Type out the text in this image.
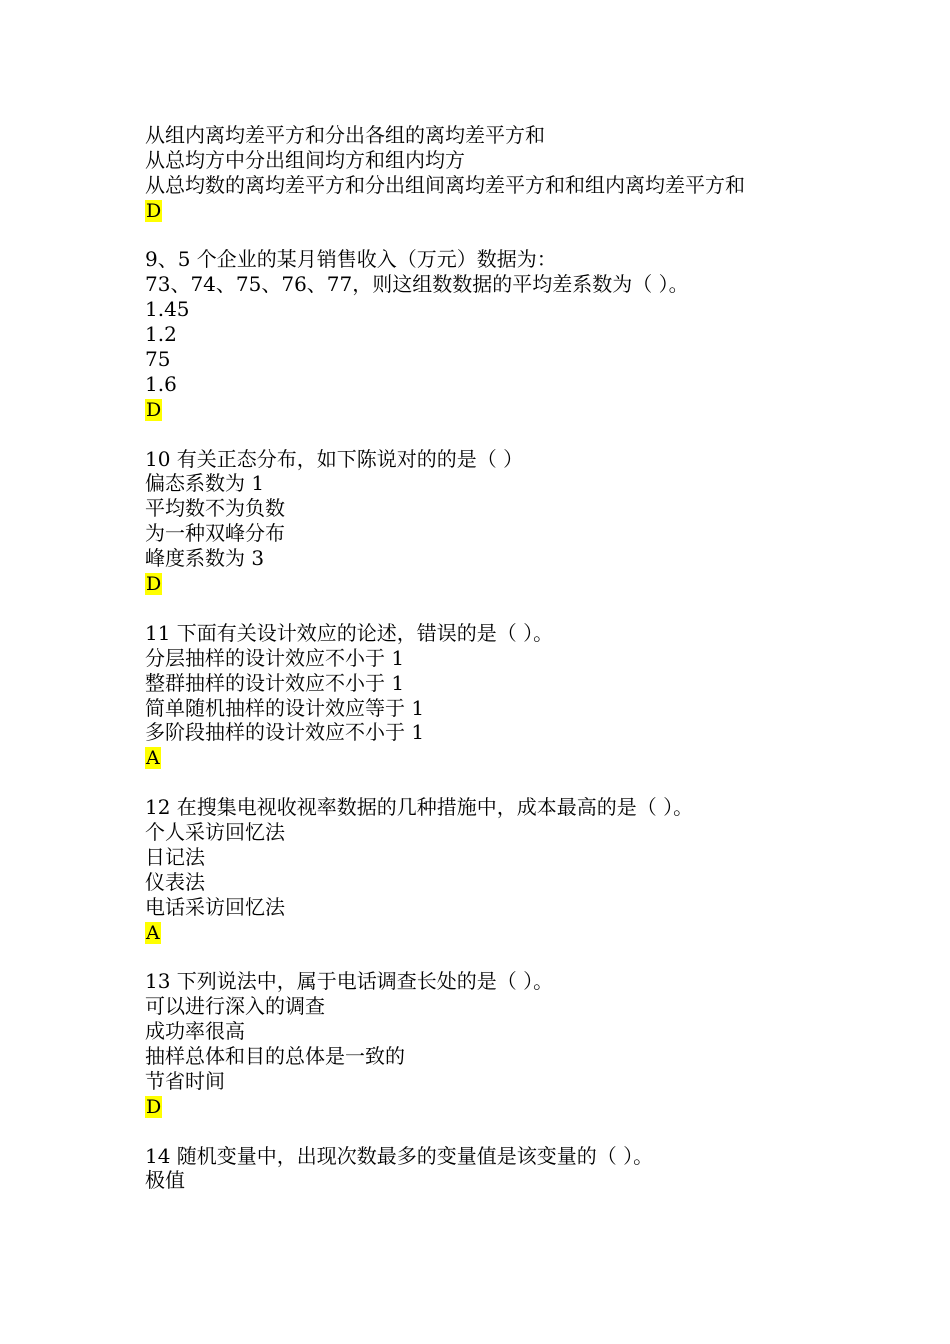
从组内离均差平方和分出各组的离均差平方和
从总均方中分出组间均方和组内均方
从总均数的离均差平方和分出组间离均差平方和和组内离均差平方和
D
9、5 个企业的某月销售收入（万元）数据为：
73、74、75、76、77，则这组数数据的平均差系数为（ ）。
1.45
1.2
75
1.6
D
10 有关正态分布，如下陈说对的的是（ ）
偏态系数为 1
平均数不为负数
为一种双峰分布
峰度系数为 3
D
11 下面有关设计效应的论述，错误的是（ ）。
分层抽样的设计效应不小于 1
整群抽样的设计效应不小于 1
简单随机抽样的设计效应等于 1
多阶段抽样的设计效应不小于 1
A
12 在搜集电视收视率数据的几种措施中，成本最高的是（ ）。
个人采访回忆法
日记法
仪表法
电话采访回忆法
A
13 下列说法中，属于电话调查长处的是（ ）。
可以进行深入的调查
成功率很高
抽样总体和目的总体是一致的
节省时间
D
14 随机变量中，出现次数最多的变量值是该变量的（ ）。
极值
